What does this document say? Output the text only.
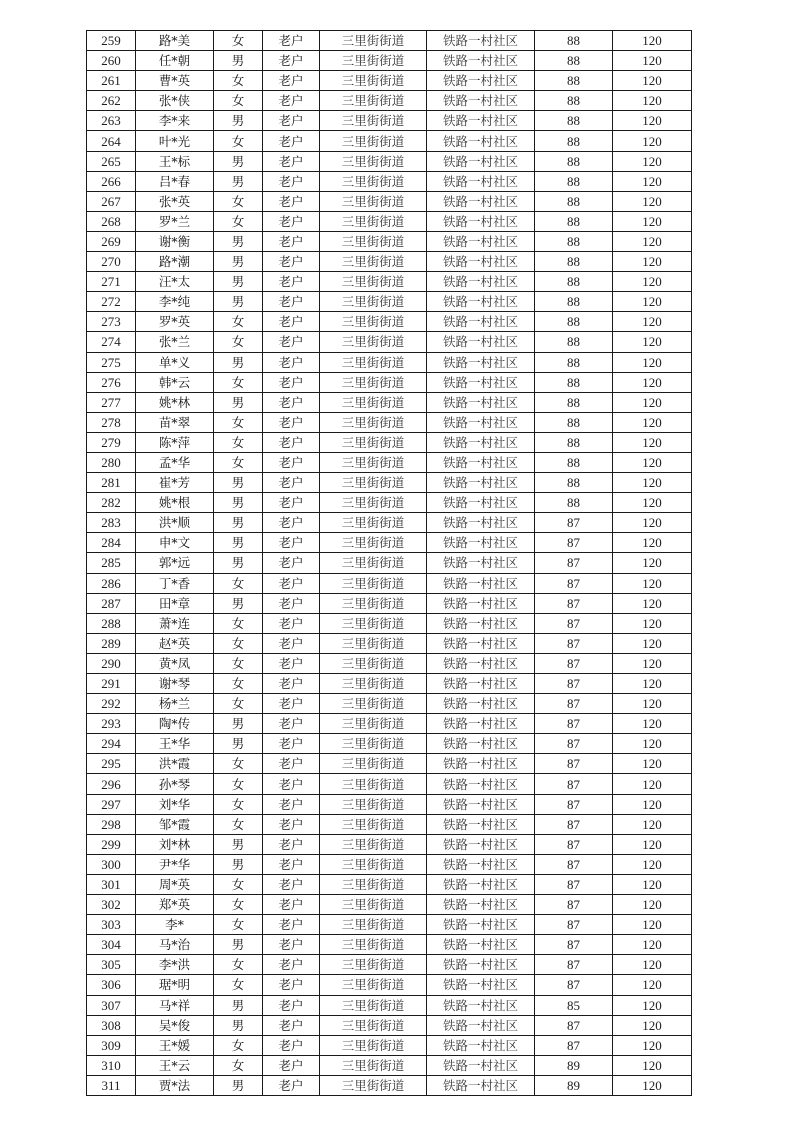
259	路*美	女	老户	三里街街道	铁路一村社区	88	120
260	任*朝	男	老户	三里街街道	铁路一村社区	88	120
261	曹*英	女	老户	三里街街道	铁路一村社区	88	120
262	张*侠	女	老户	三里街街道	铁路一村社区	88	120
263	李*来	男	老户	三里街街道	铁路一村社区	88	120
264	叶*光	女	老户	三里街街道	铁路一村社区	88	120
265	王*标	男	老户	三里街街道	铁路一村社区	88	120
266	吕*春	男	老户	三里街街道	铁路一村社区	88	120
267	张*英	女	老户	三里街街道	铁路一村社区	88	120
268	罗*兰	女	老户	三里街街道	铁路一村社区	88	120
269	谢*衡	男	老户	三里街街道	铁路一村社区	88	120
270	路*潮	男	老户	三里街街道	铁路一村社区	88	120
271	汪*太	男	老户	三里街街道	铁路一村社区	88	120
272	李*纯	男	老户	三里街街道	铁路一村社区	88	120
273	罗*英	女	老户	三里街街道	铁路一村社区	88	120
274	张*兰	女	老户	三里街街道	铁路一村社区	88	120
275	单*义	男	老户	三里街街道	铁路一村社区	88	120
276	韩*云	女	老户	三里街街道	铁路一村社区	88	120
277	姚*林	男	老户	三里街街道	铁路一村社区	88	120
278	苗*翠	女	老户	三里街街道	铁路一村社区	88	120
279	陈*萍	女	老户	三里街街道	铁路一村社区	88	120
280	孟*华	女	老户	三里街街道	铁路一村社区	88	120
281	崔*芳	男	老户	三里街街道	铁路一村社区	88	120
282	姚*根	男	老户	三里街街道	铁路一村社区	88	120
283	洪*顺	男	老户	三里街街道	铁路一村社区	87	120
284	申*文	男	老户	三里街街道	铁路一村社区	87	120
285	郭*远	男	老户	三里街街道	铁路一村社区	87	120
286	丁*香	女	老户	三里街街道	铁路一村社区	87	120
287	田*章	男	老户	三里街街道	铁路一村社区	87	120
288	萧*连	女	老户	三里街街道	铁路一村社区	87	120
289	赵*英	女	老户	三里街街道	铁路一村社区	87	120
290	黄*凤	女	老户	三里街街道	铁路一村社区	87	120
291	谢*琴	女	老户	三里街街道	铁路一村社区	87	120
292	杨*兰	女	老户	三里街街道	铁路一村社区	87	120
293	陶*传	男	老户	三里街街道	铁路一村社区	87	120
294	王*华	男	老户	三里街街道	铁路一村社区	87	120
295	洪*霞	女	老户	三里街街道	铁路一村社区	87	120
296	孙*琴	女	老户	三里街街道	铁路一村社区	87	120
297	刘*华	女	老户	三里街街道	铁路一村社区	87	120
298	邹*霞	女	老户	三里街街道	铁路一村社区	87	120
299	刘*林	男	老户	三里街街道	铁路一村社区	87	120
300	尹*华	男	老户	三里街街道	铁路一村社区	87	120
301	周*英	女	老户	三里街街道	铁路一村社区	87	120
302	郑*英	女	老户	三里街街道	铁路一村社区	87	120
303	李*	女	老户	三里街街道	铁路一村社区	87	120
304	马*治	男	老户	三里街街道	铁路一村社区	87	120
305	李*洪	女	老户	三里街街道	铁路一村社区	87	120
306	琚*明	女	老户	三里街街道	铁路一村社区	87	120
307	马*祥	男	老户	三里街街道	铁路一村社区	85	120
308	吴*俊	男	老户	三里街街道	铁路一村社区	87	120
309	王*媛	女	老户	三里街街道	铁路一村社区	87	120
310	王*云	女	老户	三里街街道	铁路一村社区	89	120
311	贾*法	男	老户	三里街街道	铁路一村社区	89	120
